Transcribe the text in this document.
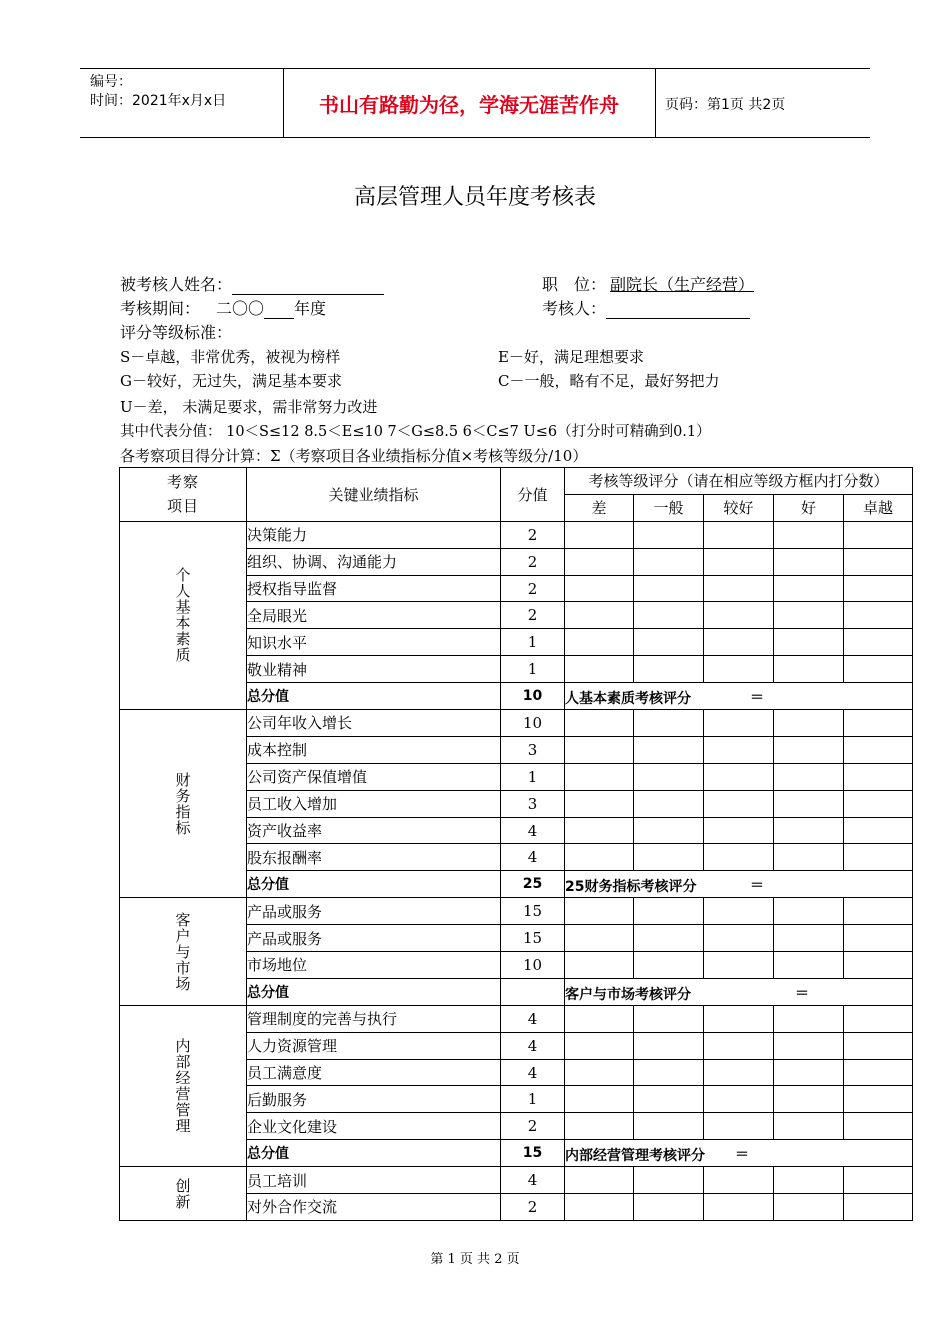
编号：
时间：2021年x月x日	书山有路勤为径，学海无涯苦作舟	页码：第1页 共2页
高层管理人员年度考核表
被考核人姓名：	职　位： 副院长（生产经营）
考核期间： 二〇〇 年度	考核人：
评分等级标准：
S－卓越，非常优秀，被视为榜样	E－好，满足理想要求
G－较好，无过失，满足基本要求	C－一般，略有不足，最好努把力
U－差， 未满足要求，需非常努力改进
其中代表分值： 10＜S≤12 8.5＜E≤10 7＜G≤8.5 6＜C≤7 U≤6（打分时可精确到0.1）
各考察项目得分计算：Σ（考察项目各业绩指标分值×考核等级分/10）
考察项目	关键业绩指标	分值	考核等级评分（请在相应等级方框内打分数）				
			差	一般	较好	好	卓越
个人基本素质	决策能力	2					
	组织、协调、沟通能力	2					
	授权指导监督	2					
	全局眼光	2					
	知识水平	1					
	敬业精神	1					
	总分值	10	人基本素质考核评分 ＝				

财务指标	公司年收入增长	10					
	成本控制	3					
	公司资产保值增值	1					
	员工收入增加	3					
	资产收益率	4					
	股东报酬率	4					
	总分值	25	25财务指标考核评分 ＝				

客户与市场	产品或服务	15					
	产品或服务	15					
	市场地位	10					
	总分值		客户与市场考核评分 ＝				

内部经营管理	管理制度的完善与执行	4					
	人力资源管理	4					
	员工满意度	4					
	后勤服务	1					
	企业文化建设	2					
	总分值	15	内部经营管理考核评分 ＝				

创新	员工培训	4					
	对外合作交流	2					
第 1 页 共 2 页
